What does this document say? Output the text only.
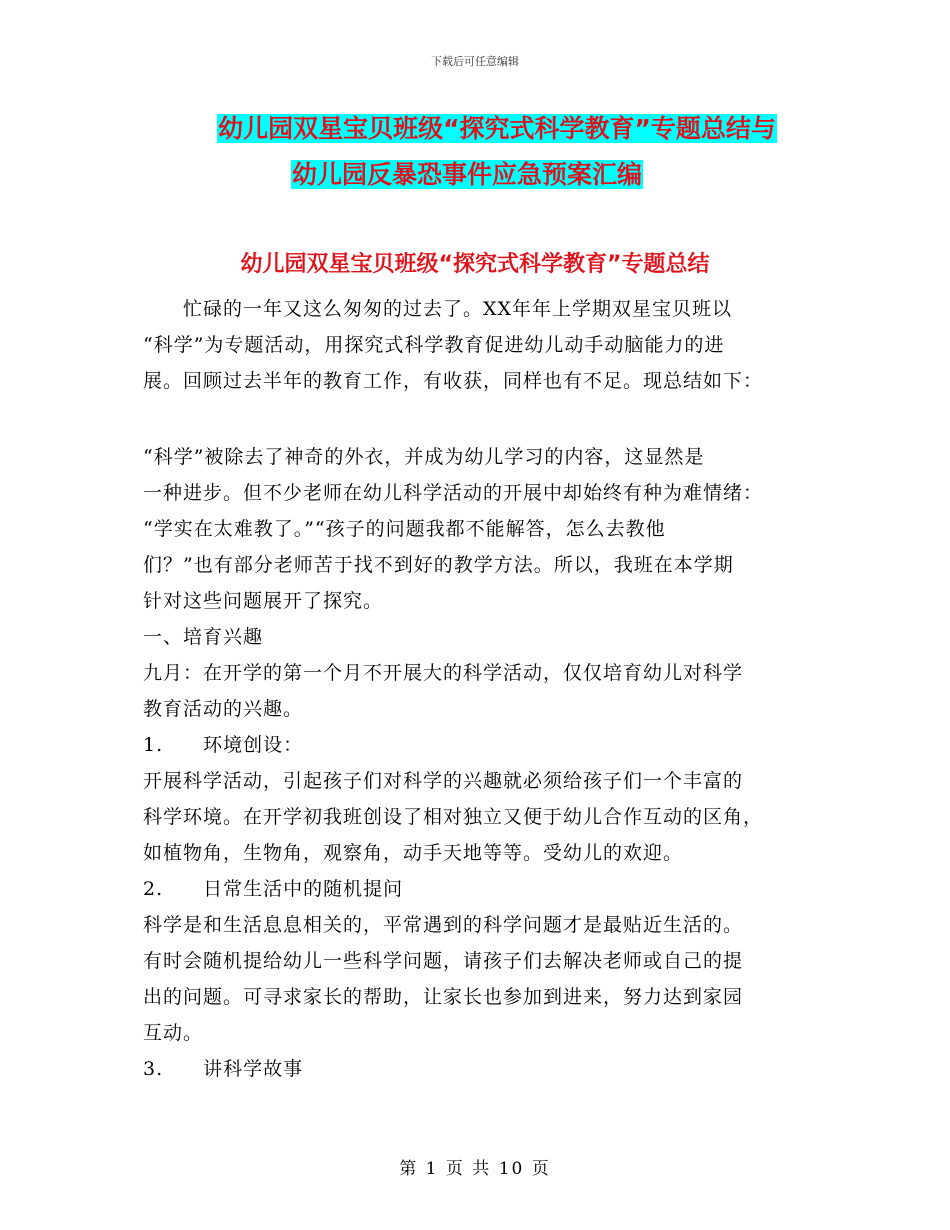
下载后可任意编辑
幼儿园双星宝贝班级“探究式科学教育”专题总结与
幼儿园反暴恐事件应急预案汇编
幼儿园双星宝贝班级“探究式科学教育”专题总结

　　忙碌的一年又这么匆匆的过去了。XX年年上学期双星宝贝班以

“科学”为专题活动，用探究式科学教育促进幼儿动手动脑能力的进

展。回顾过去半年的教育工作，有收获，同样也有不足。现总结如下：

“科学”被除去了神奇的外衣，并成为幼儿学习的内容，这显然是

一种进步。但不少老师在幼儿科学活动的开展中却始终有种为难情绪：

“学实在太难教了。”“孩子的问题我都不能解答，怎么去教他

们？”也有部分老师苦于找不到好的教学方法。所以，我班在本学期

针对这些问题展开了探究。

一、培育兴趣

九月：在开学的第一个月不开展大的科学活动，仅仅培育幼儿对科学

教育活动的兴趣。

1.　　环境创设：

开展科学活动，引起孩子们对科学的兴趣就必须给孩子们一个丰富的

科学环境。在开学初我班创设了相对独立又便于幼儿合作互动的区角，

如植物角，生物角，观察角，动手天地等等。受幼儿的欢迎。

2.　　日常生活中的随机提问

科学是和生活息息相关的，平常遇到的科学问题才是最贴近生活的。

有时会随机提给幼儿一些科学问题，请孩子们去解决老师或自己的提

出的问题。可寻求家长的帮助，让家长也参加到进来，努力达到家园

互动。

3.　　讲科学故事

第 1 页 共 10 页
